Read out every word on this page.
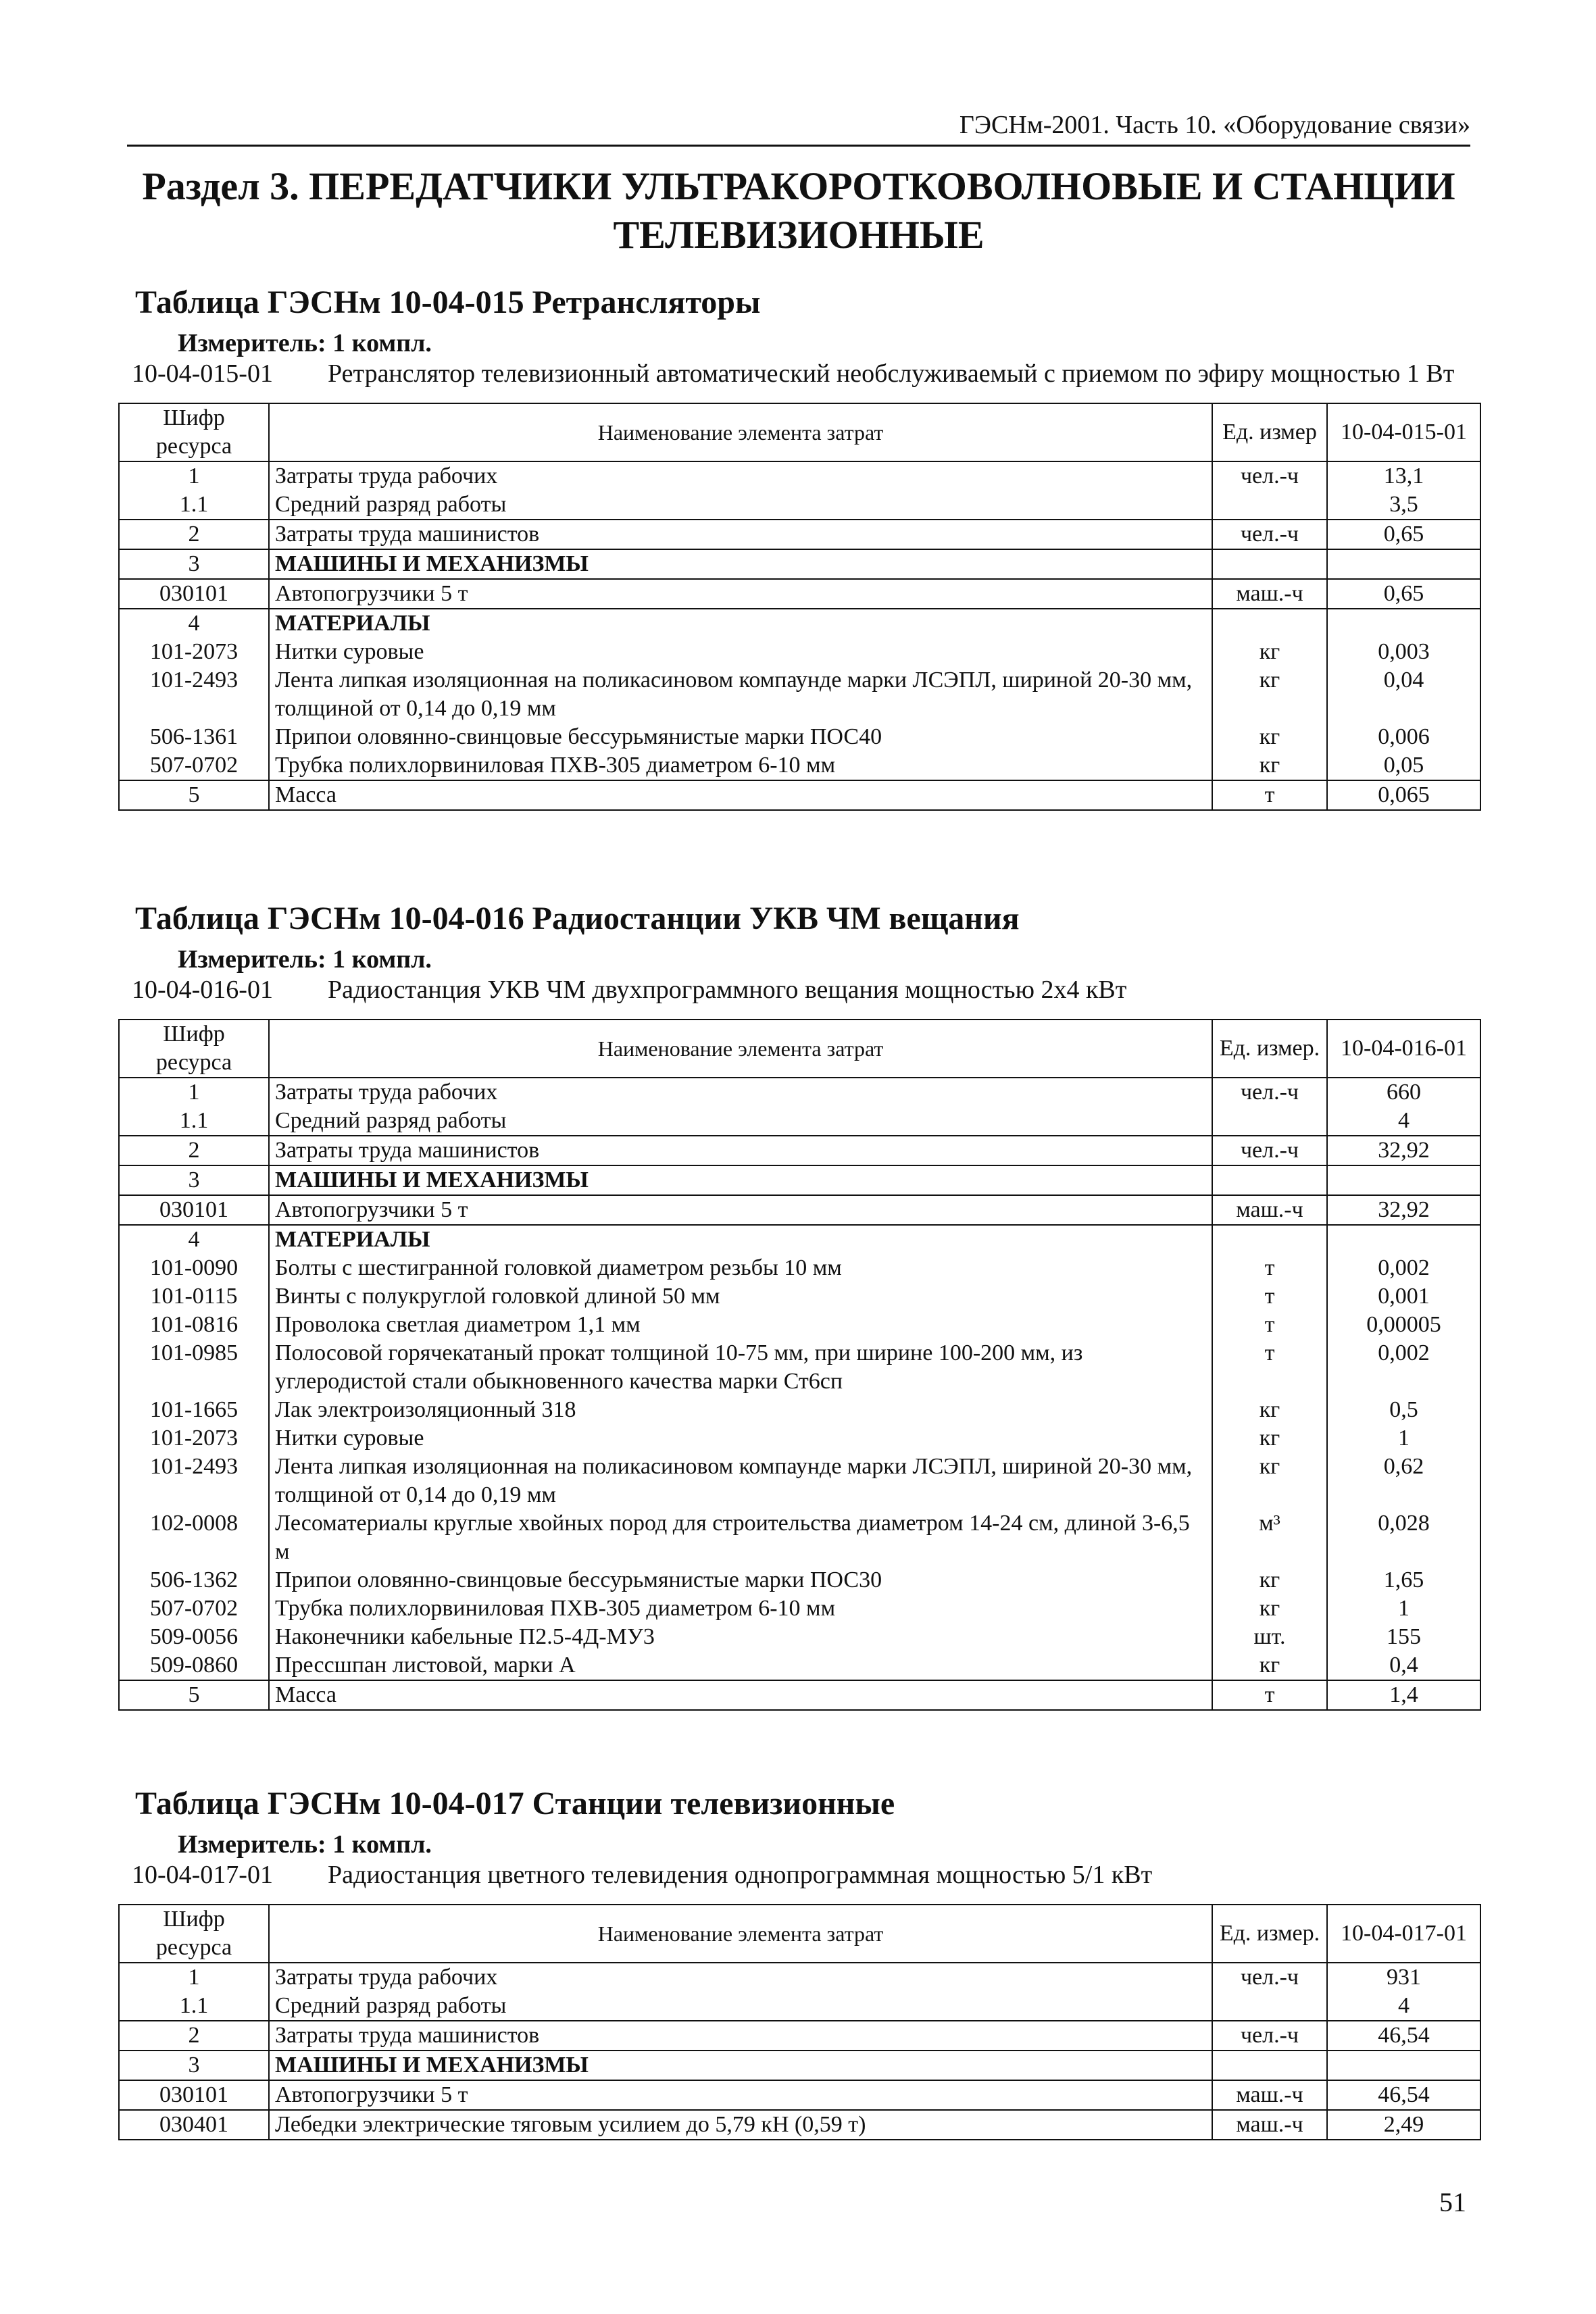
ГЭСНм-2001. Часть 10. «Оборудование связи»
Раздел 3. ПЕРЕДАТЧИКИ УЛЬТРАКОРОТКОВОЛНОВЫЕ И СТАНЦИИ ТЕЛЕВИЗИОННЫЕ
Таблица ГЭСНм 10-04-015 Ретрансляторы
Измеритель: 1 компл.
10-04-015-01	Ретранслятор телевизионный автоматический необслуживаемый с приемом по эфиру мощностью 1 Вт
Шифр ресурса	Наименование элемента затрат	Ед. измер	10-04-015-01
1	Затраты труда рабочих	чел.-ч	13,1
1.1	Средний разряд работы		3,5
2	Затраты труда машинистов	чел.-ч	0,65
3	МАШИНЫ И МЕХАНИЗМЫ		
030101	Автопогрузчики 5 т	маш.-ч	0,65
4	МАТЕРИАЛЫ		
101-2073	Нитки суровые	кг	0,003
101-2493	Лента липкая изоляционная на поликасиновом компаунде марки ЛСЭПЛ, шириной 20-30 мм, толщиной от 0,14 до 0,19 мм	кг	0,04
506-1361	Припои оловянно-свинцовые бессурьмянистые марки ПОС40	кг	0,006
507-0702	Трубка полихлорвиниловая ПХВ-305 диаметром 6-10 мм	кг	0,05
5	Масса	т	0,065
Таблица ГЭСНм 10-04-016 Радиостанции УКВ ЧМ вещания
Измеритель: 1 компл.
10-04-016-01	Радиостанция УКВ ЧМ двухпрограммного вещания мощностью 2х4 кВт
Шифр ресурса	Наименование элемента затрат	Ед. измер.	10-04-016-01
1	Затраты труда рабочих	чел.-ч	660
1.1	Средний разряд работы		4
2	Затраты труда машинистов	чел.-ч	32,92
3	МАШИНЫ И МЕХАНИЗМЫ		
030101	Автопогрузчики 5 т	маш.-ч	32,92
4	МАТЕРИАЛЫ		
101-0090	Болты с шестигранной головкой диаметром резьбы 10 мм	т	0,002
101-0115	Винты с полукруглой головкой длиной 50 мм	т	0,001
101-0816	Проволока светлая диаметром 1,1 мм	т	0,00005
101-0985	Полосовой горячекатаный прокат толщиной 10-75 мм, при ширине 100-200 мм, из углеродистой стали обыкновенного качества марки Ст6сп	т	0,002
101-1665	Лак электроизоляционный 318	кг	0,5
101-2073	Нитки суровые	кг	1
101-2493	Лента липкая изоляционная на поликасиновом компаунде марки ЛСЭПЛ, шириной 20-30 мм, толщиной от 0,14 до 0,19 мм	кг	0,62
102-0008	Лесоматериалы круглые хвойных пород для строительства диаметром 14-24 см, длиной 3-6,5 м	м³	0,028
506-1362	Припои оловянно-свинцовые бессурьмянистые марки ПОС30	кг	1,65
507-0702	Трубка полихлорвиниловая ПХВ-305 диаметром 6-10 мм	кг	1
509-0056	Наконечники кабельные П2.5-4Д-МУ3	шт.	155
509-0860	Прессшпан листовой, марки А	кг	0,4
5	Масса	т	1,4
Таблица ГЭСНм 10-04-017 Станции телевизионные
Измеритель: 1 компл.
10-04-017-01	Радиостанция цветного телевидения однопрограммная мощностью 5/1 кВт
Шифр ресурса	Наименование элемента затрат	Ед. измер.	10-04-017-01
1	Затраты труда рабочих	чел.-ч	931
1.1	Средний разряд работы		4
2	Затраты труда машинистов	чел.-ч	46,54
3	МАШИНЫ И МЕХАНИЗМЫ		
030101	Автопогрузчики 5 т	маш.-ч	46,54
030401	Лебедки электрические тяговым усилием до 5,79 кН (0,59 т)	маш.-ч	2,49
51
